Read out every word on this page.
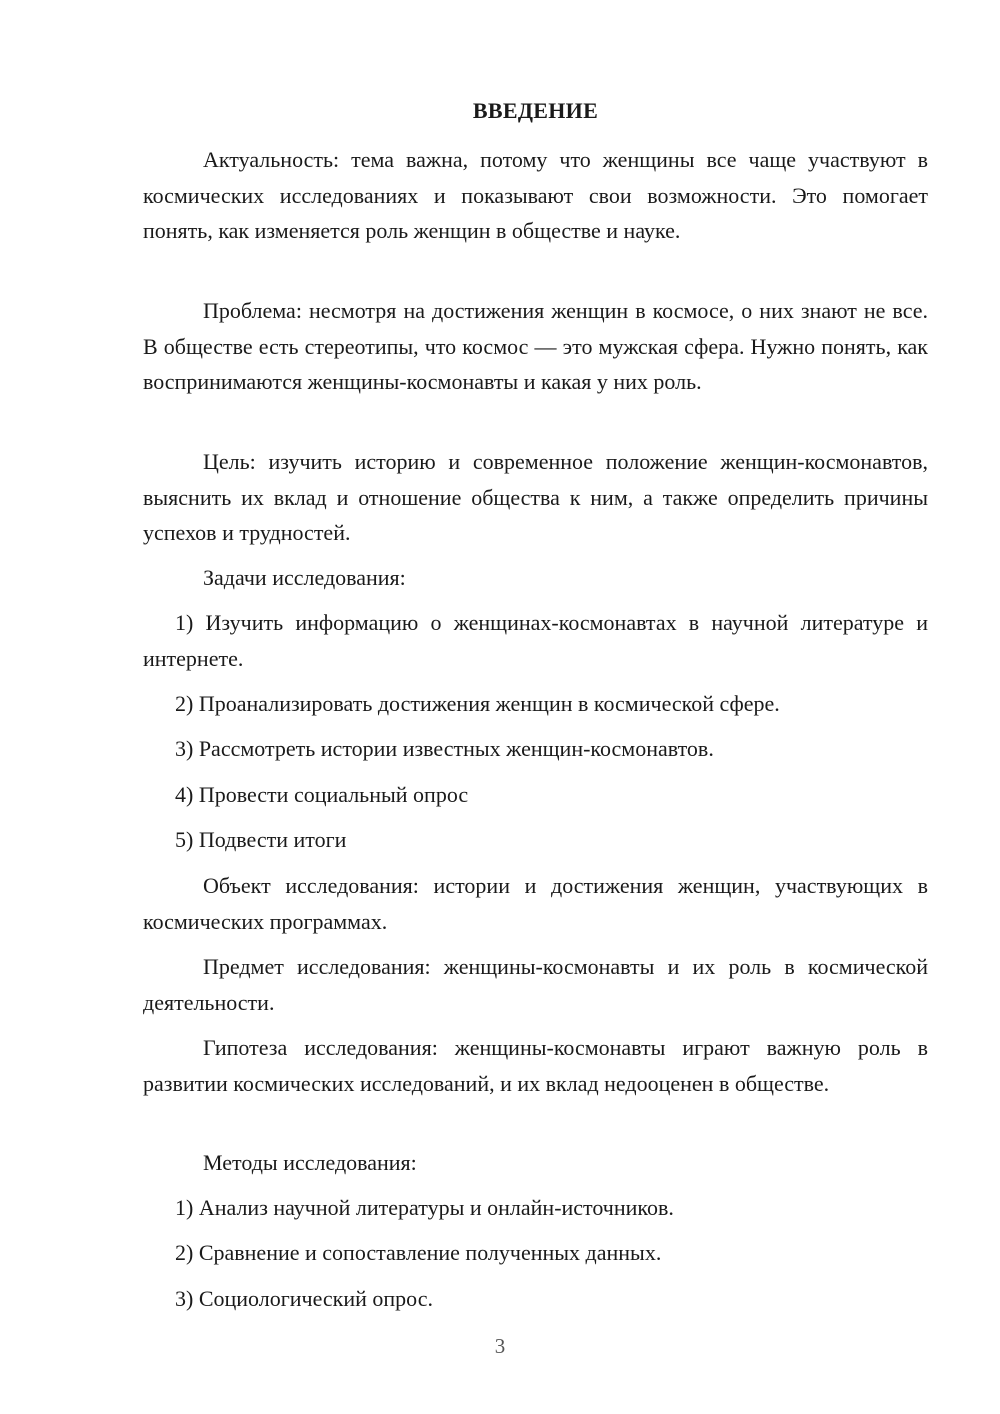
ВВЕДЕНИЕ

Актуальность: тема важна, потому что женщины все чаще участвуют в космических исследованиях и показывают свои возможности. Это помогает понять, как изменяется роль женщин в обществе и науке.

Проблема: несмотря на достижения женщин в космосе, о них знают не все. В обществе есть стереотипы, что космос — это мужская сфера. Нужно понять, как воспринимаются женщины-космонавты и какая у них роль.

Цель: изучить историю и современное положение женщин-космонавтов, выяснить их вклад и отношение общества к ним, а также определить причины успехов и трудностей.

Задачи исследования:

1) Изучить информацию о женщинах-космонавтах в научной литературе и интернете.

2) Проанализировать достижения женщин в космической сфере.

3) Рассмотреть истории известных женщин-космонавтов.

4) Провести социальный опрос

5) Подвести итоги

Объект исследования: истории и достижения женщин, участвующих в космических программах.

Предмет исследования: женщины-космонавты и их роль в космической деятельности.

Гипотеза исследования: женщины-космонавты играют важную роль в развитии космических исследований, и их вклад недооценен в обществе.

Методы исследования:

1) Анализ научной литературы и онлайн-источников.

2) Сравнение и сопоставление полученных данных.

3) Социологический опрос.

3
